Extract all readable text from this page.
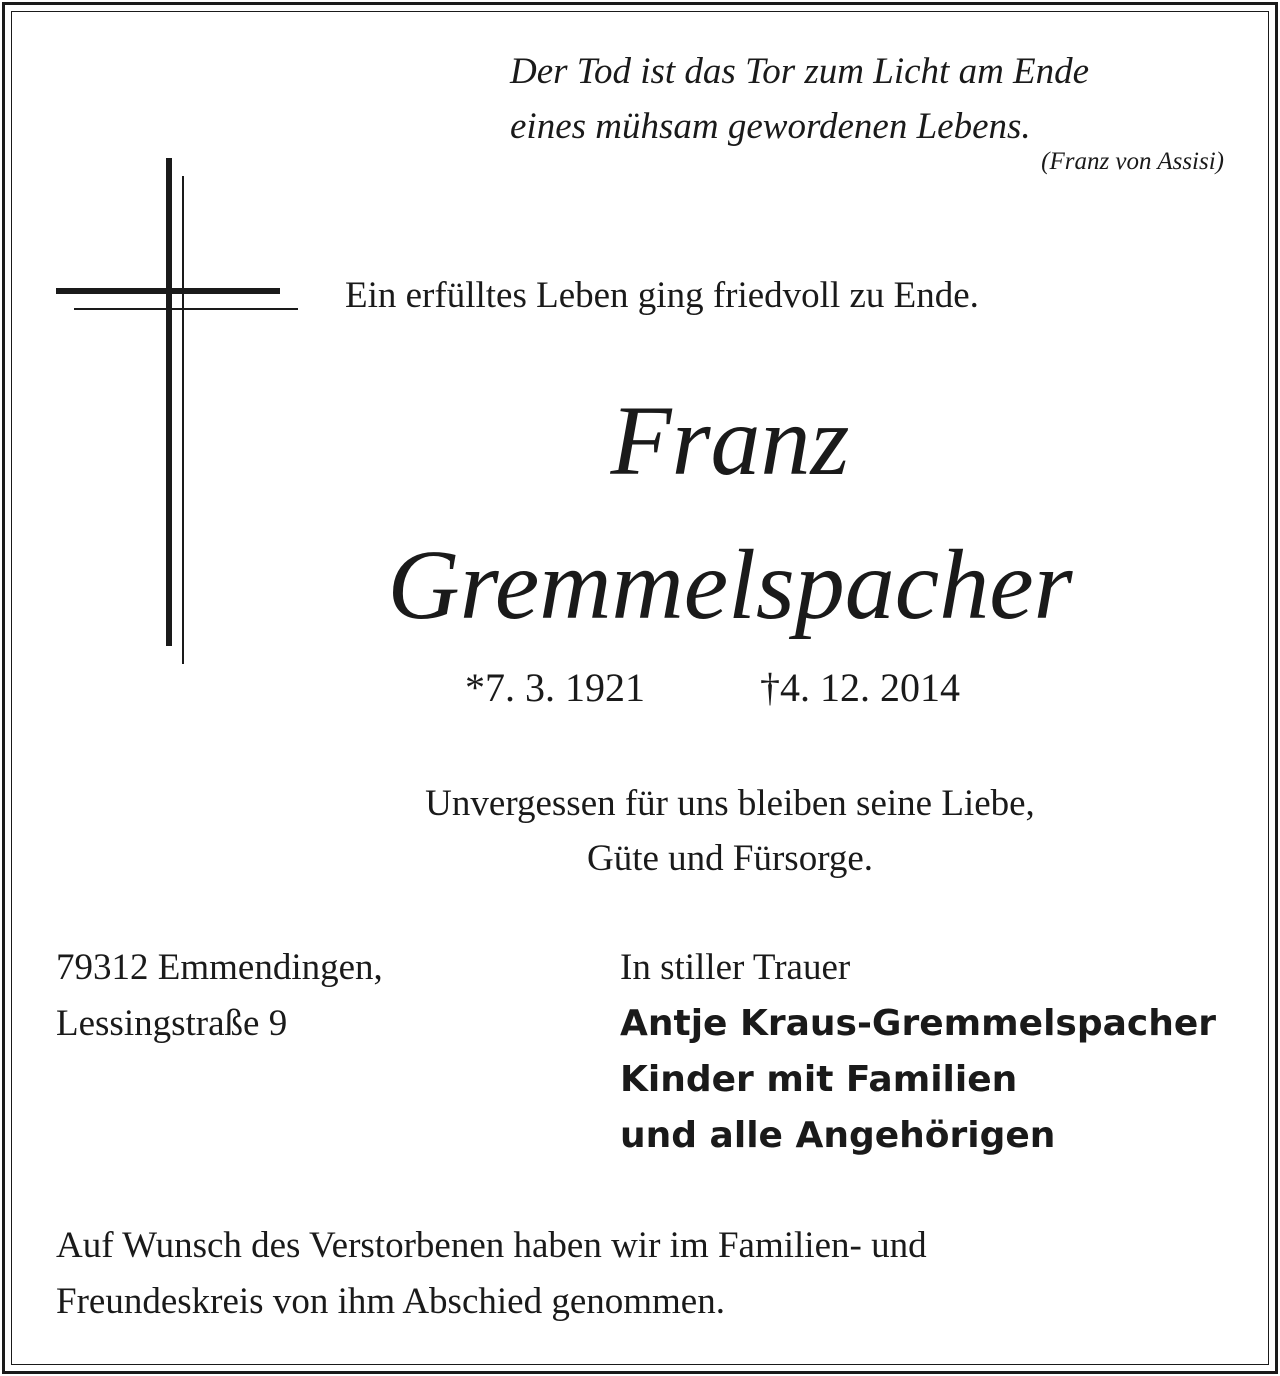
Der Tod ist das Tor zum Licht am Ende
eines mühsam gewordenen Lebens.
(Franz von Assisi)
Ein erfülltes Leben ging friedvoll zu Ende.
Franz
Gremmelspacher
*7. 3. 1921	†4. 12. 2014
Unvergessen für uns bleiben seine Liebe,
Güte und Fürsorge.
79312 Emmendingen,
Lessingstraße 9
In stiller Trauer
Antje Kraus-Gremmelspacher
Kinder mit Familien
und alle Angehörigen
Auf Wunsch des Verstorbenen haben wir im Familien- und
Freundeskreis von ihm Abschied genommen.
